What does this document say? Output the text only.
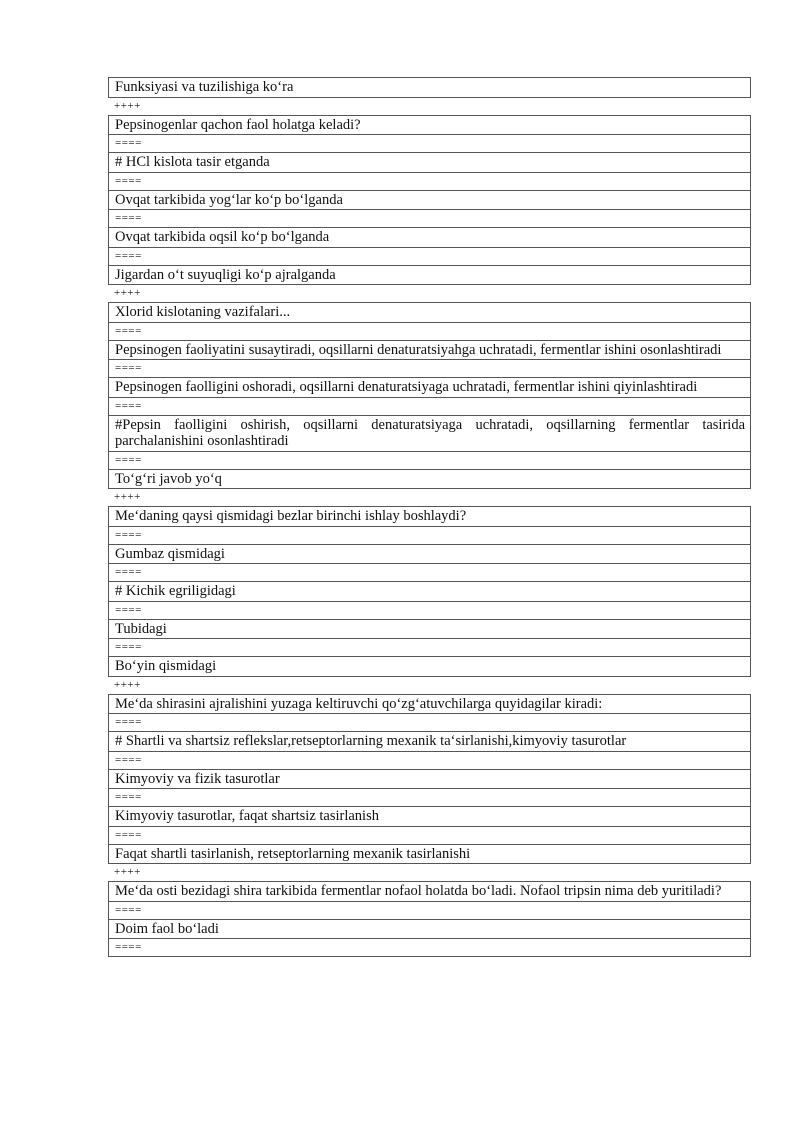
Funksiyasi va tuzilishiga ko‘ra
++++
Pepsinogenlar qachon faol holatga keladi?
====
# HCl kislota tasir etganda
====
Ovqat tarkibida yog‘lar ko‘p bo‘lganda
====
Ovqat tarkibida oqsil ko‘p bo‘lganda
====
Jigardan o‘t suyuqligi ko‘p ajralganda
++++
Xlorid kislotaning vazifalari...
====
Pepsinogen faoliyatini susaytiradi, oqsillarni denaturatsiyahga uchratadi, fermentlar ishini osonlashtiradi
====
Pepsinogen faolligini oshoradi, oqsillarni denaturatsiyaga uchratadi, fermentlar ishini qiyinlashtiradi
====
#Pepsin faolligini oshirish, oqsillarni denaturatsiyaga uchratadi, oqsillarning fermentlar tasirida parchalanishini osonlashtiradi
====
To‘g‘ri javob yo‘q
++++
Me‘daning qaysi qismidagi bezlar birinchi ishlay boshlaydi?
====
Gumbaz qismidagi
====
# Kichik egriligidagi
====
Tubidagi
====
Bo‘yin qismidagi
++++
Me‘da shirasini ajralishini yuzaga keltiruvchi qo‘zg‘atuvchilarga quyidagilar kiradi:
====
# Shartli va shartsiz reflekslar,retseptorlarning mexanik ta‘sirlanishi,kimyoviy tasurotlar
====
Kimyoviy va fizik tasurotlar
====
Kimyoviy tasurotlar, faqat shartsiz tasirlanish
====
Faqat shartli tasirlanish, retseptorlarning mexanik tasirlanishi
++++
Me‘da osti bezidagi shira tarkibida fermentlar nofaol holatda bo‘ladi. Nofaol tripsin nima deb yuritiladi?
====
Doim faol bo‘ladi
====
